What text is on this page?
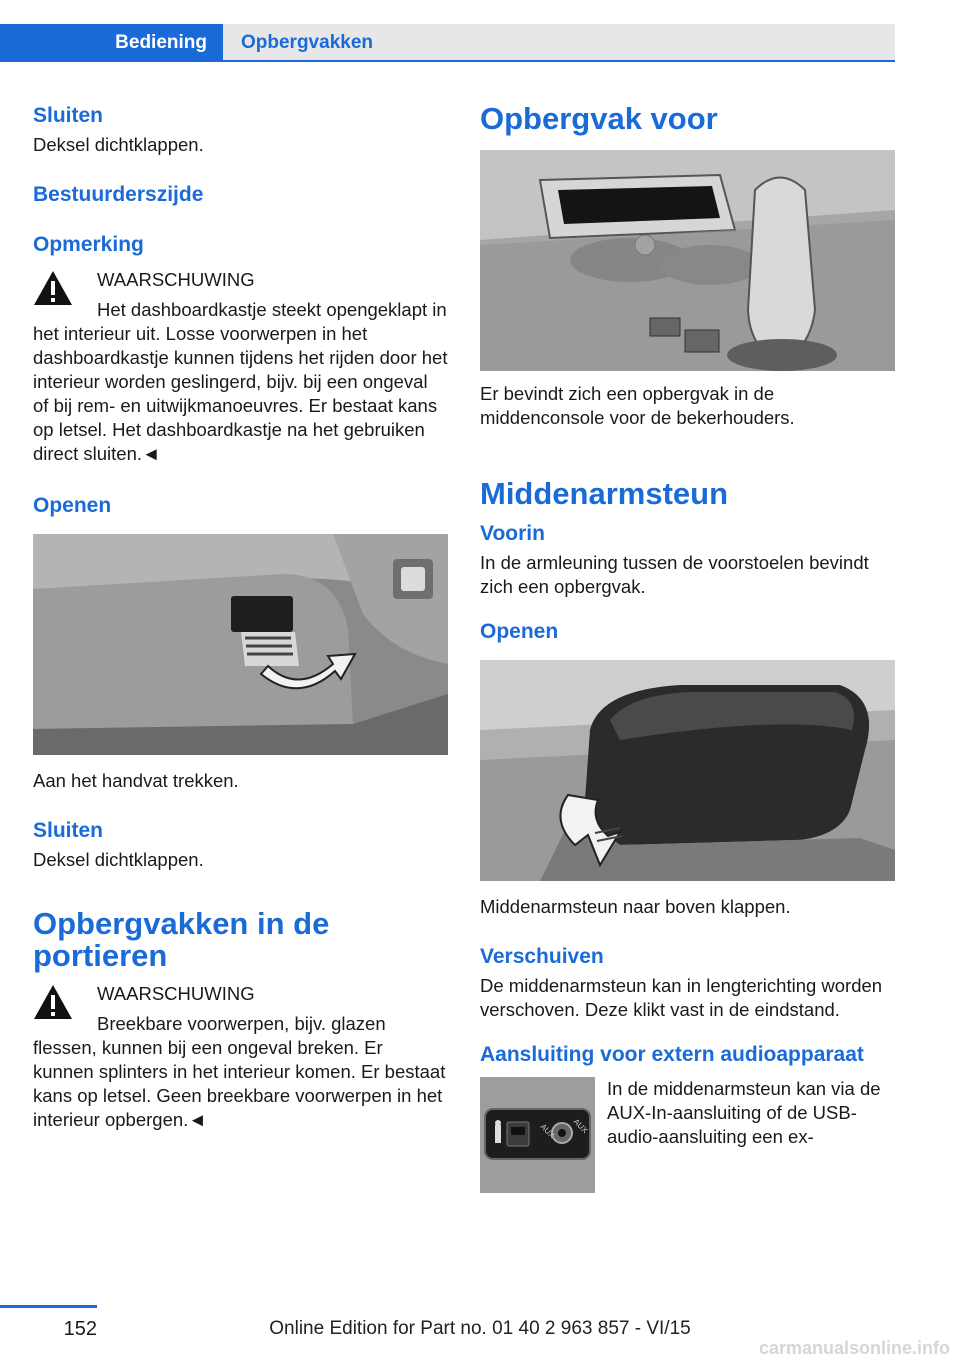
Bediening	Opbergvakken
Sluiten
Deksel dichtklappen.
Bestuurderszijde
Opmerking
WAARSCHUWING
Het dashboardkastje steekt opengeklapt in het interieur uit. Losse voorwerpen in het dashboardkastje kunnen tijdens het rijden door het interieur worden geslingerd, bijv. bij een ongeval of bij rem- en uitwijkmanoeuvres. Er bestaat kans op letsel. Het dashboardkastje na het gebruiken direct sluiten.◄
Openen
Aan het handvat trekken.
Sluiten
Deksel dichtklappen.
Opbergvakken in de portieren
WAARSCHUWING
Breekbare voorwerpen, bijv. glazen flessen, kunnen bij een ongeval breken. Er kunnen splinters in het interieur komen. Er bestaat kans op letsel. Geen breekbare voorwerpen in het interieur opbergen.◄
Opbergvak voor
Er bevindt zich een opbergvak in de middenconsole voor de bekerhouders.
Middenarmsteun
Voorin
In de armleuning tussen de voorstoelen bevindt zich een opbergvak.
Openen
Middenarmsteun naar boven klappen.
Verschuiven
De middenarmsteun kan in lengterichting worden verschoven. Deze klikt vast in de eindstand.
Aansluiting voor extern audioapparaat
AUX AUX
In de middenarmsteun kan via de AUX-In-aansluiting of de USB-audio-aansluiting een ex-
152	Online Edition for Part no. 01 40 2 963 857 - VI/15
carmanualsonline.info
